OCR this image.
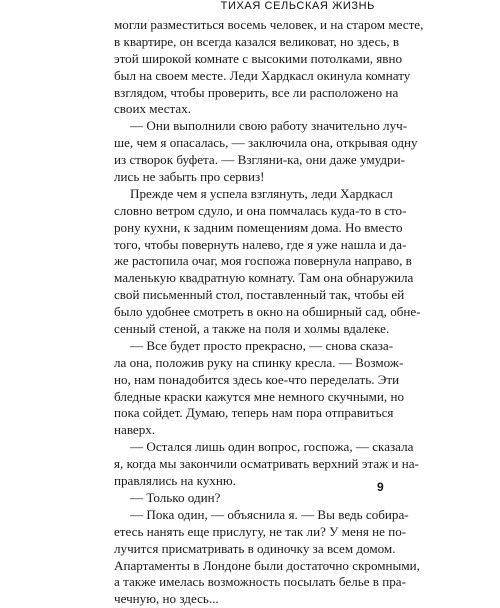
ТИХАЯ СЕЛЬСКАЯ ЖИЗНЬ
могли разместиться восемь человек, и на старом месте,
в квартире, он всегда казался великоват, но здесь, в
этой широкой комнате с высокими потолками, явно
был на своем месте. Леди Хардкасл окинула комнату
взглядом, чтобы проверить, все ли расположено на
своих местах.
— Они выполнили свою работу значительно луч-
ше, чем я опасалась, — заключила она, открывая одну
из створок буфета. — Взгляни-ка, они даже умудри-
лись не забыть про сервиз!
Прежде чем я успела взглянуть, леди Хардкасл
словно ветром сдуло, и она помчалась куда-то в сто-
рону кухни, к задним помещениям дома. Но вместо
того, чтобы повернуть налево, где я уже нашла и да-
же растопила очаг, моя госпожа повернула направо, в
маленькую квадратную комнату. Там она обнаружила
свой письменный стол, поставленный так, чтобы ей
было удобнее смотреть в окно на обширный сад, обне-
сенный стеной, а также на поля и холмы вдалеке.
— Все будет просто прекрасно, — снова сказа-
ла она, положив руку на спинку кресла. — Возмож-
но, нам понадобится здесь кое-что переделать. Эти
бледные краски кажутся мне немного скучными, но
пока сойдет. Думаю, теперь нам пора отправиться
наверх.
— Остался лишь один вопрос, госпожа, — сказала
я, когда мы закончили осматривать верхний этаж и на-
правлялись на кухню.
— Только один?
— Пока один, — объяснила я. — Вы ведь собира-
етесь нанять еще прислугу, не так ли? У меня не по-
лучится присматривать в одиночку за всем домом.
Апартаменты в Лондоне были достаточно скромными,
а также имелась возможность посылать белье в пра-
чечную, но здесь...
9
